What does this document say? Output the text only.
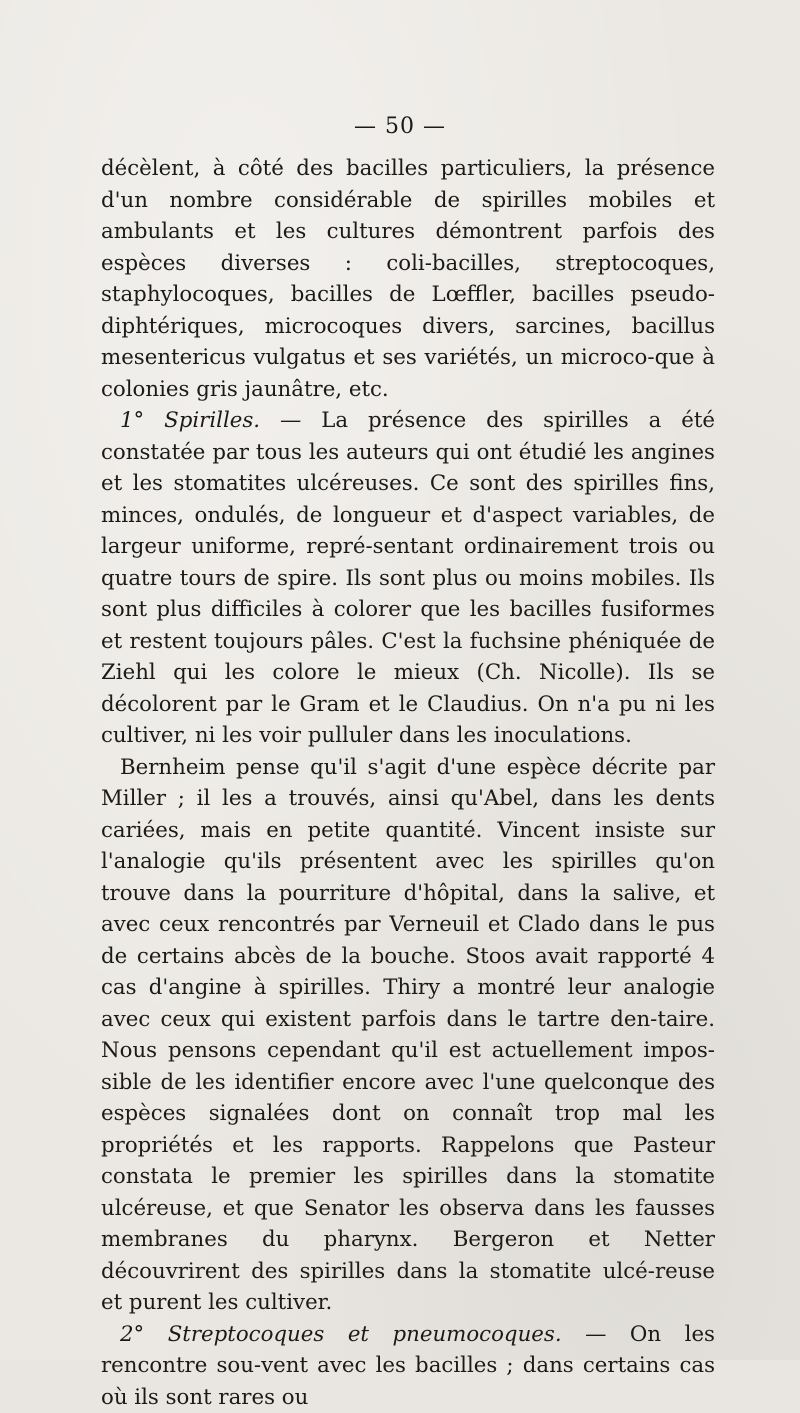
— 50 —

décèlent, à côté des bacilles particuliers, la présence d'un nombre considérable de spirilles mobiles et ambulants et les cultures démontrent parfois des espèces diverses : coli-bacilles, streptocoques, staphylocoques, bacilles de Lœffler, bacilles pseudo-diphtériques, microcoques divers, sarcines, bacillus mesentericus vulgatus et ses variétés, un microco-que à colonies gris jaunâtre, etc.

1° Spirilles. — La présence des spirilles a été constatée par tous les auteurs qui ont étudié les angines et les stomatites ulcéreuses. Ce sont des spirilles fins, minces, ondulés, de longueur et d'aspect variables, de largeur uniforme, repré-sentant ordinairement trois ou quatre tours de spire. Ils sont plus ou moins mobiles. Ils sont plus difficiles à colorer que les bacilles fusiformes et restent toujours pâles. C'est la fuchsine phéniquée de Ziehl qui les colore le mieux (Ch. Nicolle). Ils se décolorent par le Gram et le Claudius. On n'a pu ni les cultiver, ni les voir pulluler dans les inoculations.

Bernheim pense qu'il s'agit d'une espèce décrite par Miller ; il les a trouvés, ainsi qu'Abel, dans les dents cariées, mais en petite quantité. Vincent insiste sur l'analogie qu'ils présentent avec les spirilles qu'on trouve dans la pourriture d'hôpital, dans la salive, et avec ceux rencontrés par Verneuil et Clado dans le pus de certains abcès de la bouche. Stoos avait rapporté 4 cas d'angine à spirilles. Thiry a montré leur analogie avec ceux qui existent parfois dans le tartre den-taire. Nous pensons cependant qu'il est actuellement impos-sible de les identifier encore avec l'une quelconque des espèces signalées dont on connaît trop mal les propriétés et les rapports. Rappelons que Pasteur constata le premier les spirilles dans la stomatite ulcéreuse, et que Senator les observa dans les fausses membranes du pharynx. Bergeron et Netter découvrirent des spirilles dans la stomatite ulcé-reuse et purent les cultiver.

2° Streptocoques et pneumocoques. — On les rencontre sou-vent avec les bacilles ; dans certains cas où ils sont rares ou
